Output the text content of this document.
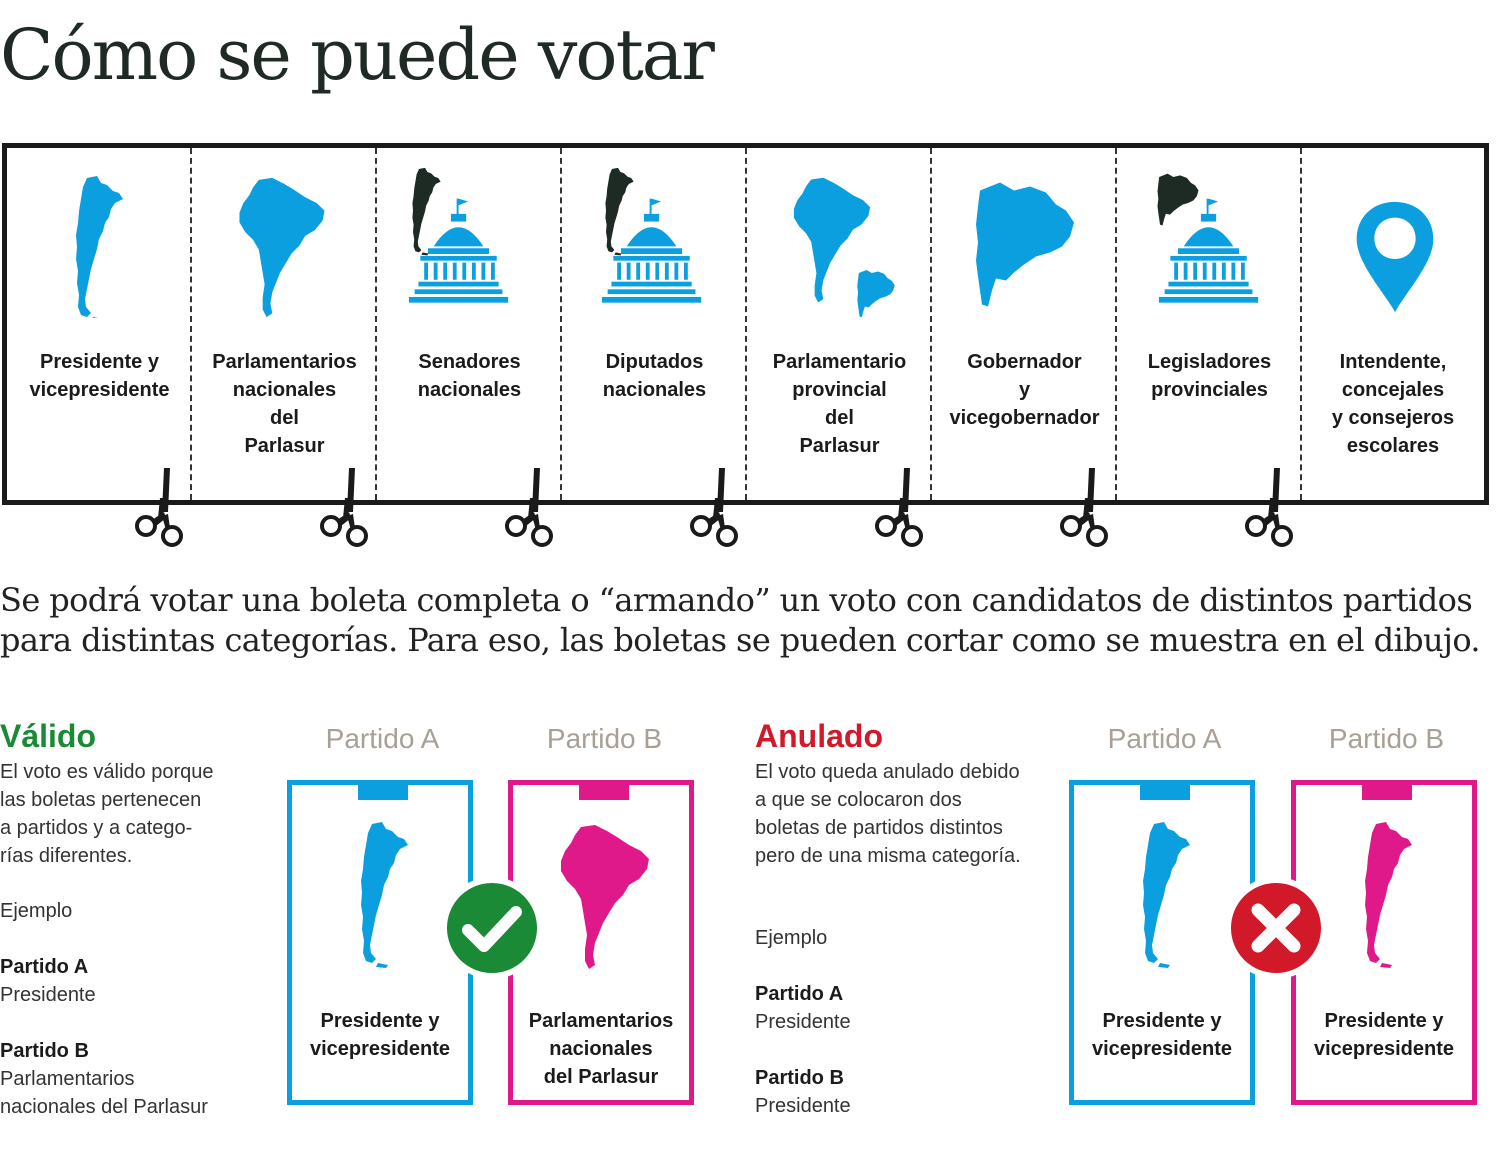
Cómo se puede votar
Presidente y
vicepresidente
Parlamentarios
nacionales
del
Parlasur
Senadores
nacionales
Diputados
nacionales
Parlamentario
provincial
del
Parlasur
Gobernador
y
vicegobernador
Legisladores
provinciales
Intendente,
concejales
y consejeros
escolares
Se podrá votar una boleta completa o “armando” un voto con candidatos de distintos partidos
para distintas categorías. Para eso, las boletas se pueden cortar como se muestra en el dibujo.
Válido
El voto es válido porque
las boletas pertenecen
a partidos y a catego-
rías diferentes.
Ejemplo
Partido A
Presidente
Partido B
Parlamentarios
nacionales del Parlasur
Partido A	Partido B
Presidente y
vicepresidente
Parlamentarios
nacionales
del Parlasur
Anulado
El voto queda anulado debido
a que se colocaron dos
boletas de partidos distintos
pero de una misma categoría.
Ejemplo
Partido A
Presidente
Partido B
Presidente
Partido A	Partido B
Presidente y
vicepresidente
Presidente y
vicepresidente
